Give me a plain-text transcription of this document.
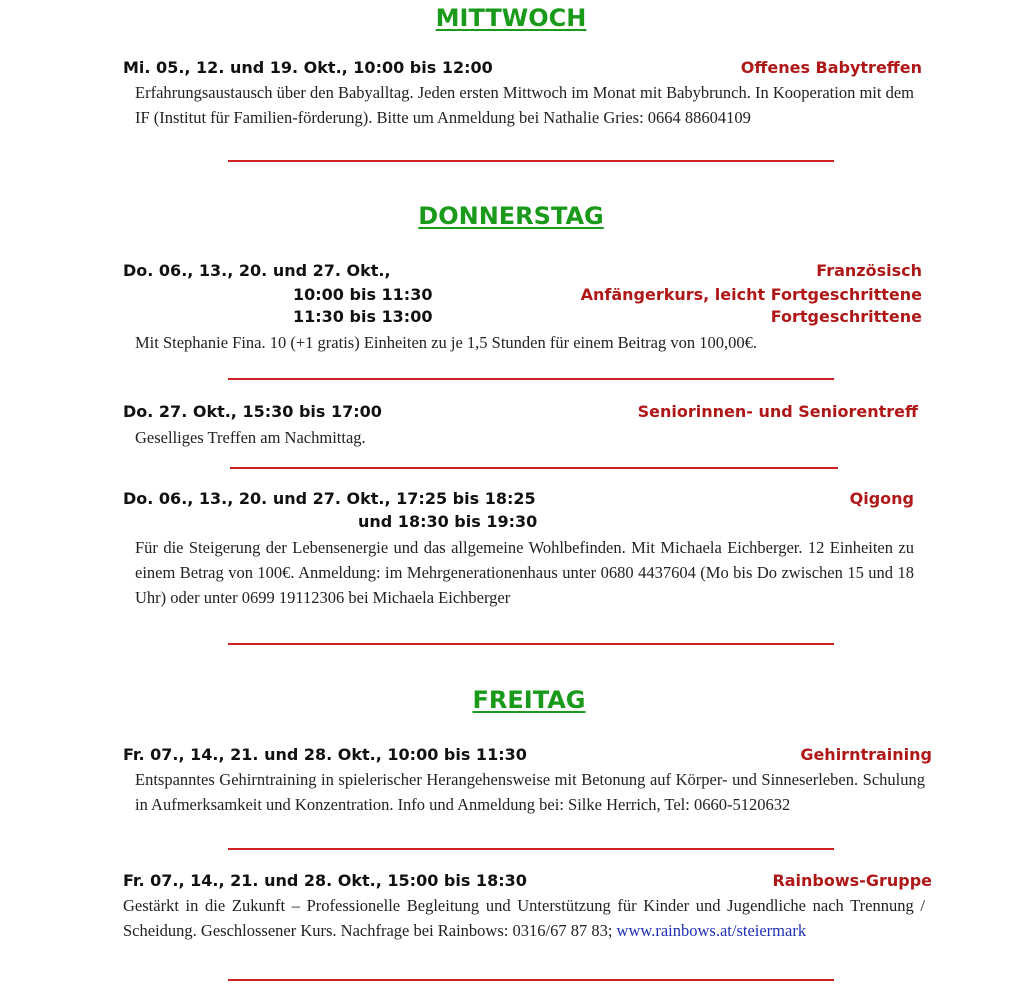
MITTWOCH
Mi. 05., 12. und 19. Okt., 10:00 bis 12:00	Offenes Babytreffen
Erfahrungsaustausch über den Babyalltag. Jeden ersten Mittwoch im Monat mit Babybrunch. In Kooperation mit dem IF (Institut für Familien-förderung). Bitte um Anmeldung bei Nathalie Gries: 0664 88604109
DONNERSTAG
Do. 06., 13., 20. und 27. Okt.,	Französisch
10:00 bis 11:30	Anfängerkurs, leicht Fortgeschrittene
11:30 bis 13:00	Fortgeschrittene
Mit Stephanie Fina. 10 (+1 gratis) Einheiten zu je 1,5 Stunden für einem Beitrag von 100,00€.
Do. 27. Okt., 15:30 bis 17:00	Seniorinnen- und Seniorentreff
Geselliges Treffen am Nachmittag.
Do. 06., 13., 20. und 27. Okt., 17:25 bis 18:25	Qigong
und 18:30 bis 19:30
Für die Steigerung der Lebensenergie und das allgemeine Wohlbefinden. Mit Michaela Eichberger. 12 Einheiten zu einem Betrag von 100€. Anmeldung: im Mehrgenerationenhaus unter 0680 4437604 (Mo bis Do zwischen 15 und 18 Uhr) oder unter 0699 19112306 bei Michaela Eichberger
FREITAG
Fr. 07., 14., 21. und 28. Okt., 10:00 bis 11:30	Gehirntraining
Entspanntes Gehirntraining in spielerischer Herangehensweise mit Betonung auf Körper- und Sinneserleben. Schulung in Aufmerksamkeit und Konzentration. Info und Anmeldung bei: Silke Herrich, Tel: 0660-5120632
Fr. 07., 14., 21. und 28. Okt., 15:00 bis 18:30	Rainbows-Gruppe
Gestärkt in die Zukunft – Professionelle Begleitung und Unterstützung für Kinder und Jugendliche nach Trennung / Scheidung. Geschlossener Kurs. Nachfrage bei Rainbows: 0316/67 87 83; www.rainbows.at/steiermark
